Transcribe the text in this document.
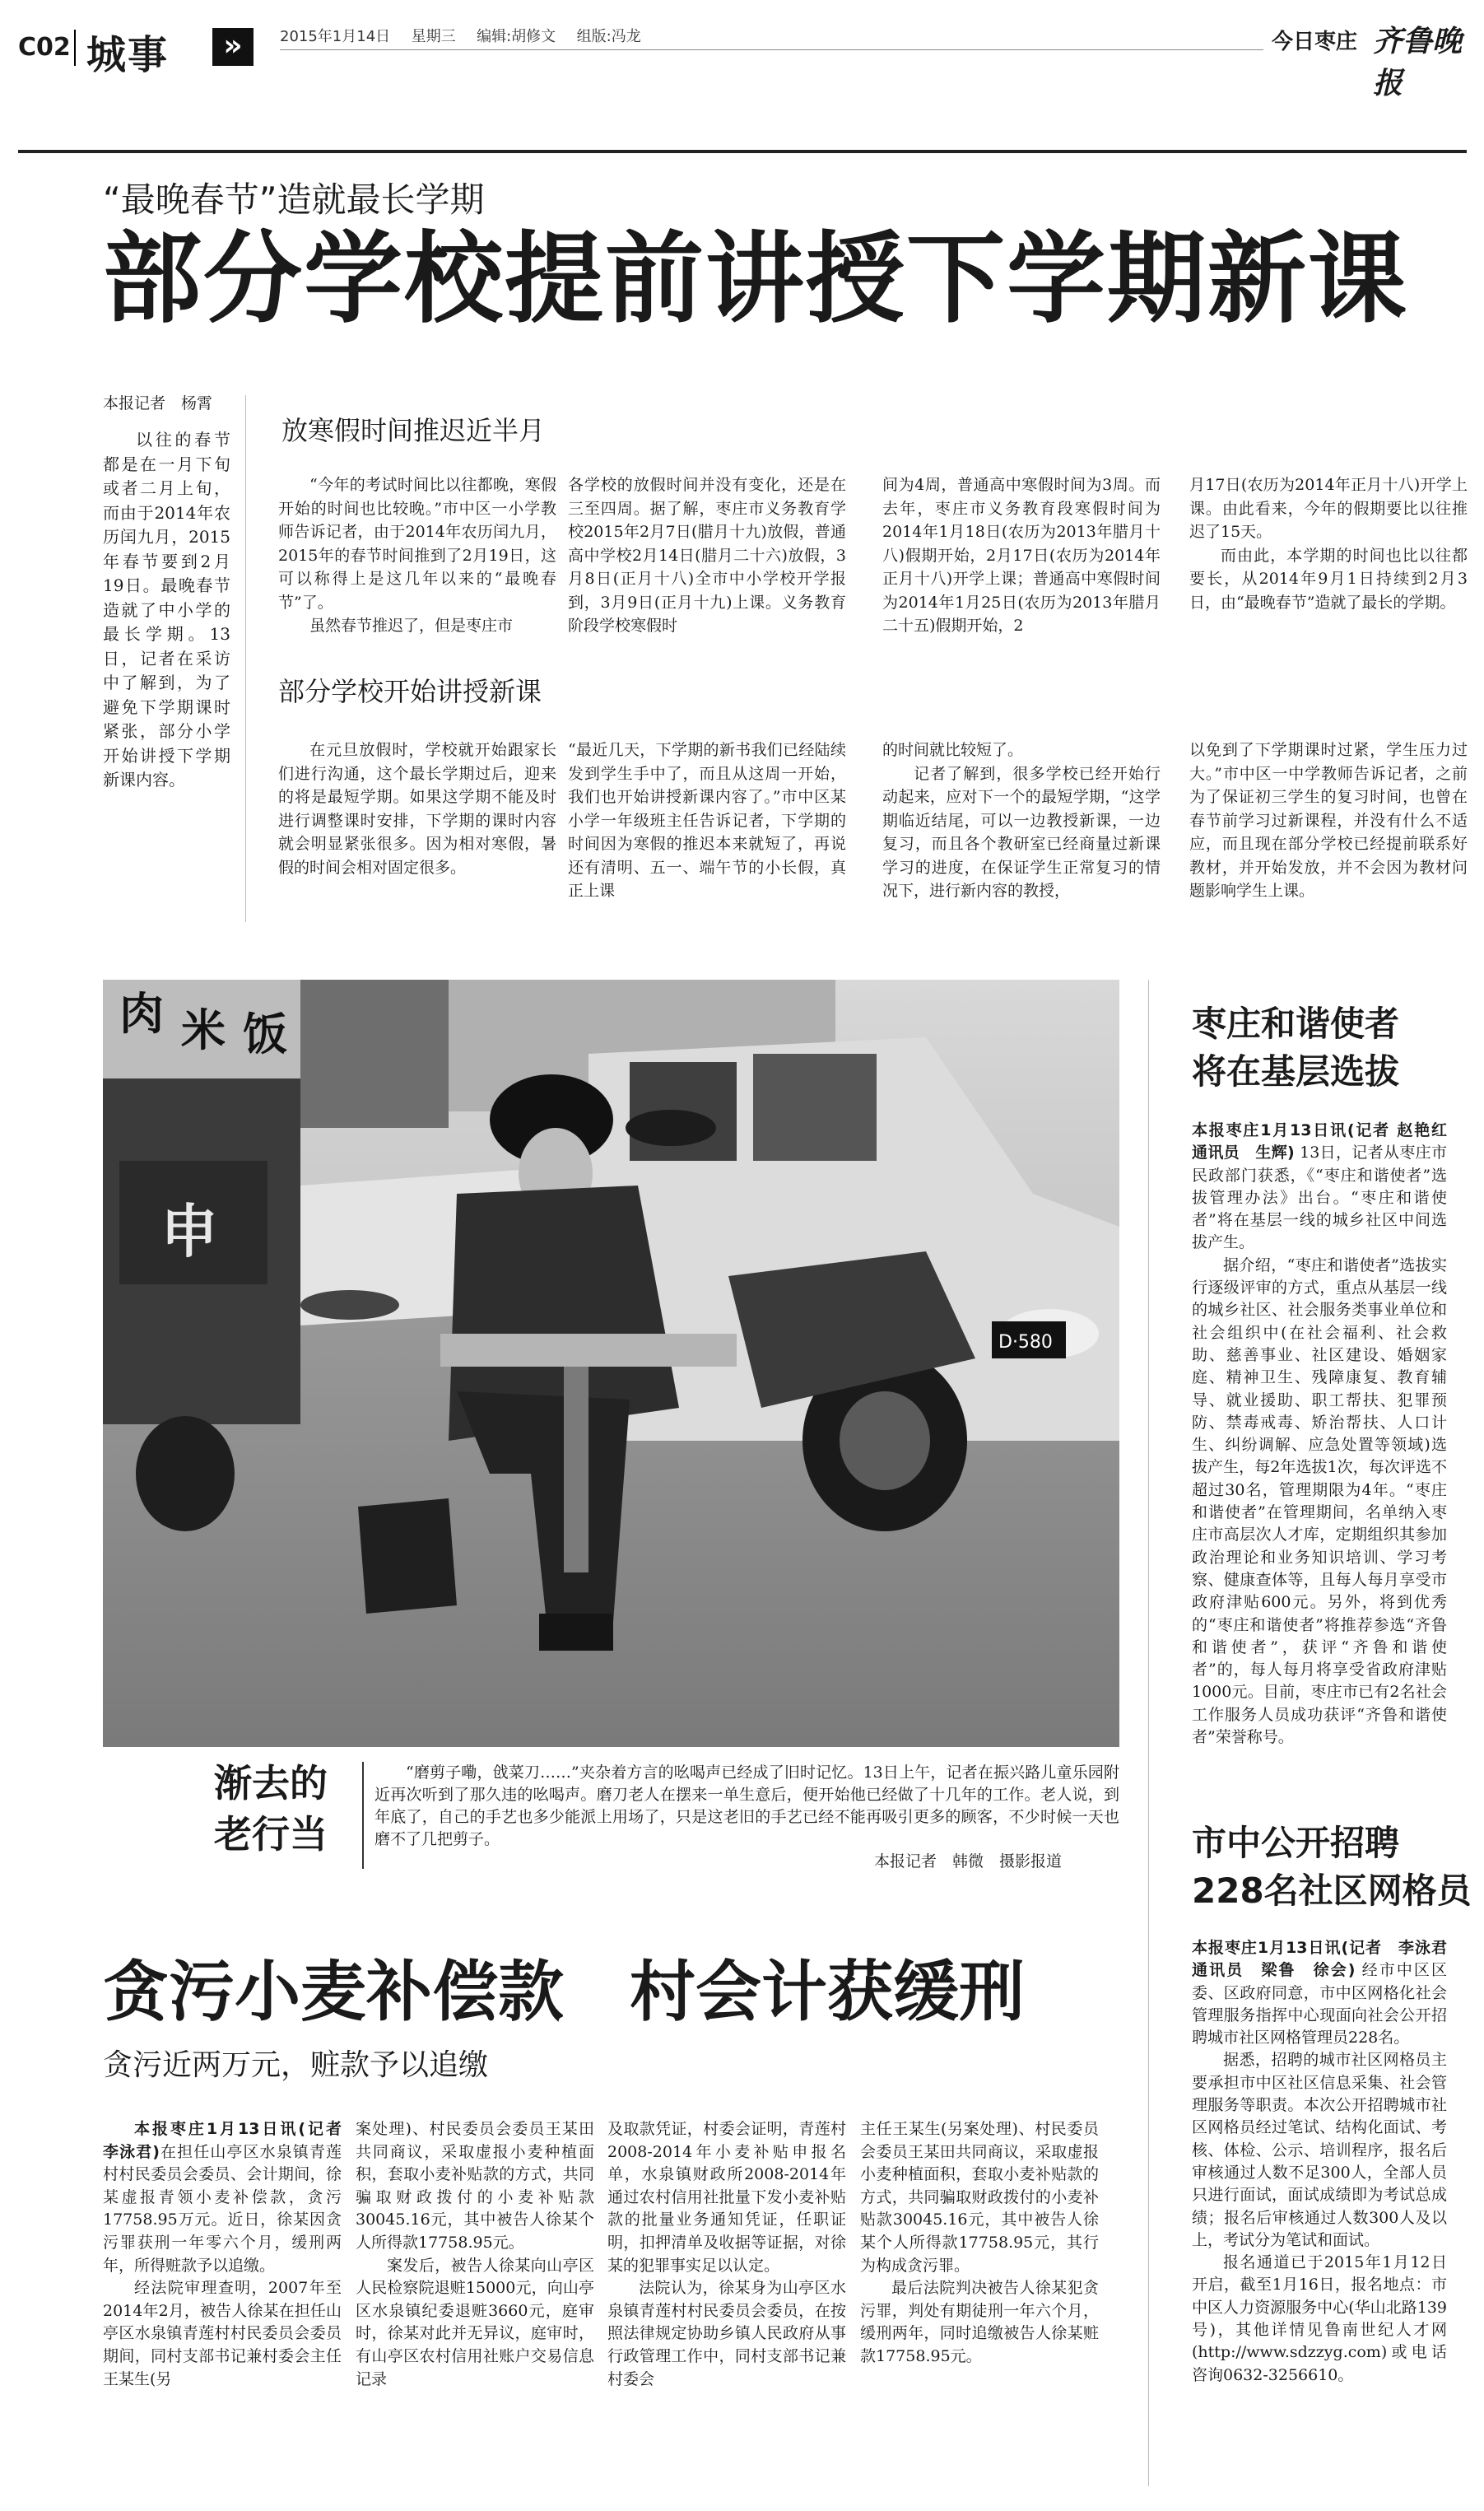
C02 城事	»	2015年1月14日 星期三 编辑:胡修文 组版:冯龙	今日枣庄 齐鲁晚报
“最晚春节”造就最长学期
部分学校提前讲授下学期新课
本报记者　杨霄

以往的春节都是在一月下旬或者二月上旬，而由于2014年农历闰九月，2015年春节要到2月19日。最晚春节造就了中小学的最长学期。13日，记者在采访中了解到，为了避免下学期课时紧张，部分小学开始讲授下学期新课内容。

放寒假时间推迟近半月

“今年的考试时间比以往都晚，寒假开始的时间也比较晚。”市中区一小学教师告诉记者，由于2014年农历闰九月，2015年的春节时间推到了2月19日，这可以称得上是这几年以来的“最晚春节”了。

虽然春节推迟了，但是枣庄市

各学校的放假时间并没有变化，还是在三至四周。据了解，枣庄市义务教育学校2015年2月7日(腊月十九)放假，普通高中学校2月14日(腊月二十六)放假，3月8日(正月十八)全市中小学校开学报到，3月9日(正月十九)上课。义务教育阶段学校寒假时

间为4周，普通高中寒假时间为3周。而去年，枣庄市义务教育段寒假时间为2014年1月18日(农历为2013年腊月十八)假期开始，2月17日(农历为2014年正月十八)开学上课；普通高中寒假时间为2014年1月25日(农历为2013年腊月二十五)假期开始，2

月17日(农历为2014年正月十八)开学上课。由此看来，今年的假期要比以往推迟了15天。

而由此，本学期的时间也比以往都要长，从2014年9月1日持续到2月3日，由“最晚春节”造就了最长的学期。

部分学校开始讲授新课

在元旦放假时，学校就开始跟家长们进行沟通，这个最长学期过后，迎来的将是最短学期。如果这学期不能及时进行调整课时安排，下学期的课时内容就会明显紧张很多。因为相对寒假，暑假的时间会相对固定很多。

“最近几天，下学期的新书我们已经陆续发到学生手中了，而且从这周一开始，我们也开始讲授新课内容了。”市中区某小学一年级班主任告诉记者，下学期的时间因为寒假的推迟本来就短了，再说还有清明、五一、端午节的小长假，真正上课

的时间就比较短了。

记者了解到，很多学校已经开始行动起来，应对下一个的最短学期，“这学期临近结尾，可以一边教授新课，一边复习，而且各个教研室已经商量过新课学习的进度，在保证学生正常复习的情况下，进行新内容的教授，

以免到了下学期课时过紧，学生压力过大。”市中区一中学教师告诉记者，之前为了保证初三学生的复习时间，也曾在春节前学习过新课程，并没有什么不适应，而且现在部分学校已经提前联系好教材，并开始发放，并不会因为教材问题影响学生上课。

D·580
申
肉 米 饭
渐去的
老行当

“磨剪子嘞，戗菜刀……”夹杂着方言的吆喝声已经成了旧时记忆。13日上午，记者在振兴路儿童乐园附近再次听到了那久违的吆喝声。磨刀老人在摆来一单生意后，便开始他已经做了十几年的工作。老人说，到年底了，自己的手艺也多少能派上用场了，只是这老旧的手艺已经不能再吸引更多的顾客，不少时候一天也磨不了几把剪子。

本报记者　韩微　摄影报道
枣庄和谐使者
将在基层选拔
本报枣庄1月13日讯(记者 赵艳红　通讯员　生辉) 13日，记者从枣庄市民政部门获悉，《“枣庄和谐使者”选拔管理办法》出台。“枣庄和谐使者”将在基层一线的城乡社区中间选拔产生。

据介绍，“枣庄和谐使者”选拔实行逐级评审的方式，重点从基层一线的城乡社区、社会服务类事业单位和社会组织中(在社会福利、社会救助、慈善事业、社区建设、婚姻家庭、精神卫生、残障康复、教育辅导、就业援助、职工帮扶、犯罪预防、禁毒戒毒、矫治帮扶、人口计生、纠纷调解、应急处置等领域)选拔产生，每2年选拔1次，每次评选不超过30名，管理期限为4年。“枣庄和谐使者”在管理期间，名单纳入枣庄市高层次人才库，定期组织其参加政治理论和业务知识培训、学习考察、健康查体等，且每人每月享受市政府津贴600元。另外，将到优秀的“枣庄和谐使者”将推荐参选“齐鲁和谐使者”，获评“齐鲁和谐使者”的，每人每月将享受省政府津贴1000元。目前，枣庄市已有2名社会工作服务人员成功获评“齐鲁和谐使者”荣誉称号。

市中公开招聘
228名社区网格员
本报枣庄1月13日讯(记者　李泳君　通讯员　梁鲁　徐会) 经市中区区委、区政府同意，市中区网格化社会管理服务指挥中心现面向社会公开招聘城市社区网格管理员228名。

据悉，招聘的城市社区网格员主要承担市中区社区信息采集、社会管理服务等职责。本次公开招聘城市社区网格员经过笔试、结构化面试、考核、体检、公示、培训程序，报名后审核通过人数不足300人，全部人员只进行面试，面试成绩即为考试总成绩；报名后审核通过人数300人及以上，考试分为笔试和面试。

报名通道已于2015年1月12日开启，截至1月16日，报名地点：市中区人力资源服务中心(华山北路139号)，其他详情见鲁南世纪人才网(http://www.sdzzyg.com)或电话咨询0632-3256610。

贪污小麦补偿款　村会计获缓刑
贪污近两万元，赃款予以追缴

本报枣庄1月13日讯(记者　李泳君)在担任山亭区水泉镇青莲村村民委员会委员、会计期间，徐某虚报青领小麦补偿款，贪污17758.95万元。近日，徐某因贪污罪获刑一年零六个月，缓刑两年，所得赃款予以追缴。

经法院审理查明，2007年至2014年2月，被告人徐某在担任山亭区水泉镇青莲村村民委员会委员期间，同村支部书记兼村委会主任王某生(另

案处理)、村民委员会委员王某田共同商议，采取虚报小麦种植面积，套取小麦补贴款的方式，共同骗取财政拨付的小麦补贴款30045.16元，其中被告人徐某个人所得款17758.95元。

案发后，被告人徐某向山亭区人民检察院退赃15000元，向山亭区水泉镇纪委退赃3660元，庭审时，徐某对此并无异议，庭审时，有山亭区农村信用社账户交易信息记录

及取款凭证，村委会证明，青莲村2008-2014年小麦补贴申报名单，水泉镇财政所2008-2014年通过农村信用社批量下发小麦补贴款的批量业务通知凭证，任职证明，扣押清单及收据等证据，对徐某的犯罪事实足以认定。

法院认为，徐某身为山亭区水泉镇青莲村村民委员会委员，在按照法律规定协助乡镇人民政府从事行政管理工作中，同村支部书记兼村委会

主任王某生(另案处理)、村民委员会委员王某田共同商议，采取虚报小麦种植面积，套取小麦补贴款的方式，共同骗取财政拨付的小麦补贴款30045.16元，其中被告人徐某个人所得款17758.95元，其行为构成贪污罪。

最后法院判决被告人徐某犯贪污罪，判处有期徒刑一年六个月，缓刑两年，同时追缴被告人徐某赃款17758.95元。
